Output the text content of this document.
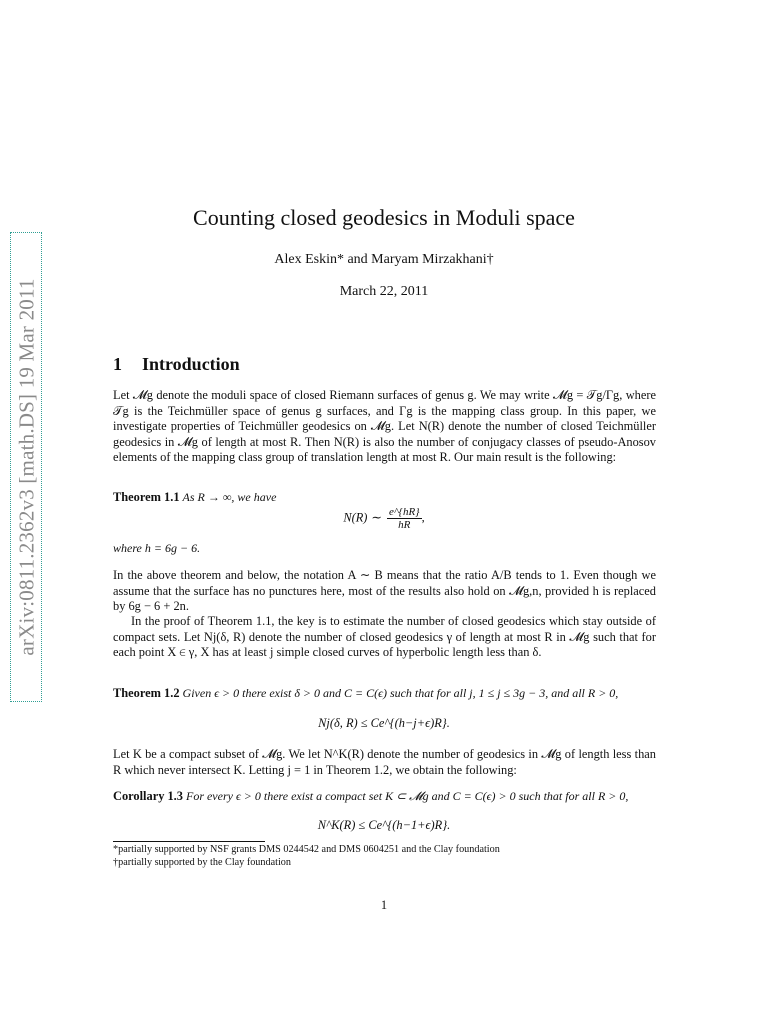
arXiv:0811.2362v3 [math.DS] 19 Mar 2011
Counting closed geodesics in Moduli space
Alex Eskin* and Maryam Mirzakhani†
March 22, 2011
1 Introduction
Let 𝓜g denote the moduli space of closed Riemann surfaces of genus g. We may write 𝓜g = 𝒯g/Γg, where 𝒯g is the Teichmüller space of genus g surfaces, and Γg is the mapping class group. In this paper, we investigate properties of Teichmüller geodesics on 𝓜g. Let N(R) denote the number of closed Teichmüller geodesics in 𝓜g of length at most R. Then N(R) is also the number of conjugacy classes of pseudo-Anosov elements of the mapping class group of translation length at most R. Our main result is the following:
Theorem 1.1 As R → ∞, we have
N(R) ∼ $\frac{e\^{}\{hR\}}{hR}$ ,
where h = 6g − 6.
In the above theorem and below, the notation A ∼ B means that the ratio A/B tends to 1. Even though we assume that the surface has no punctures here, most of the results also hold on 𝓜g,n, provided h is replaced by 6g − 6 + 2n.
In the proof of Theorem 1.1, the key is to estimate the number of closed geodesics which stay outside of compact sets. Let Nj(δ, R) denote the number of closed geodesics γ of length at most R in 𝓜g such that for each point X ∈ γ, X has at least j simple closed curves of hyperbolic length less than δ.
Theorem 1.2 Given ϵ > 0 there exist δ > 0 and C = C(ϵ) such that for all j, 1 ≤ j ≤ 3g − 3, and all R > 0,
Nj(δ, R) ≤ Ce^{(h−j+ϵ)R}.
Let K be a compact subset of 𝓜g. We let N^K(R) denote the number of geodesics in 𝓜g of length less than R which never intersect K. Letting j = 1 in Theorem 1.2, we obtain the following:
Corollary 1.3 For every ϵ > 0 there exist a compact set K ⊂ 𝓜g and C = C(ϵ) > 0 such that for all R > 0,
N^K(R) ≤ Ce^{(h−1+ϵ)R}.
*partially supported by NSF grants DMS 0244542 and DMS 0604251 and the Clay foundation
†partially supported by the Clay foundation
1
